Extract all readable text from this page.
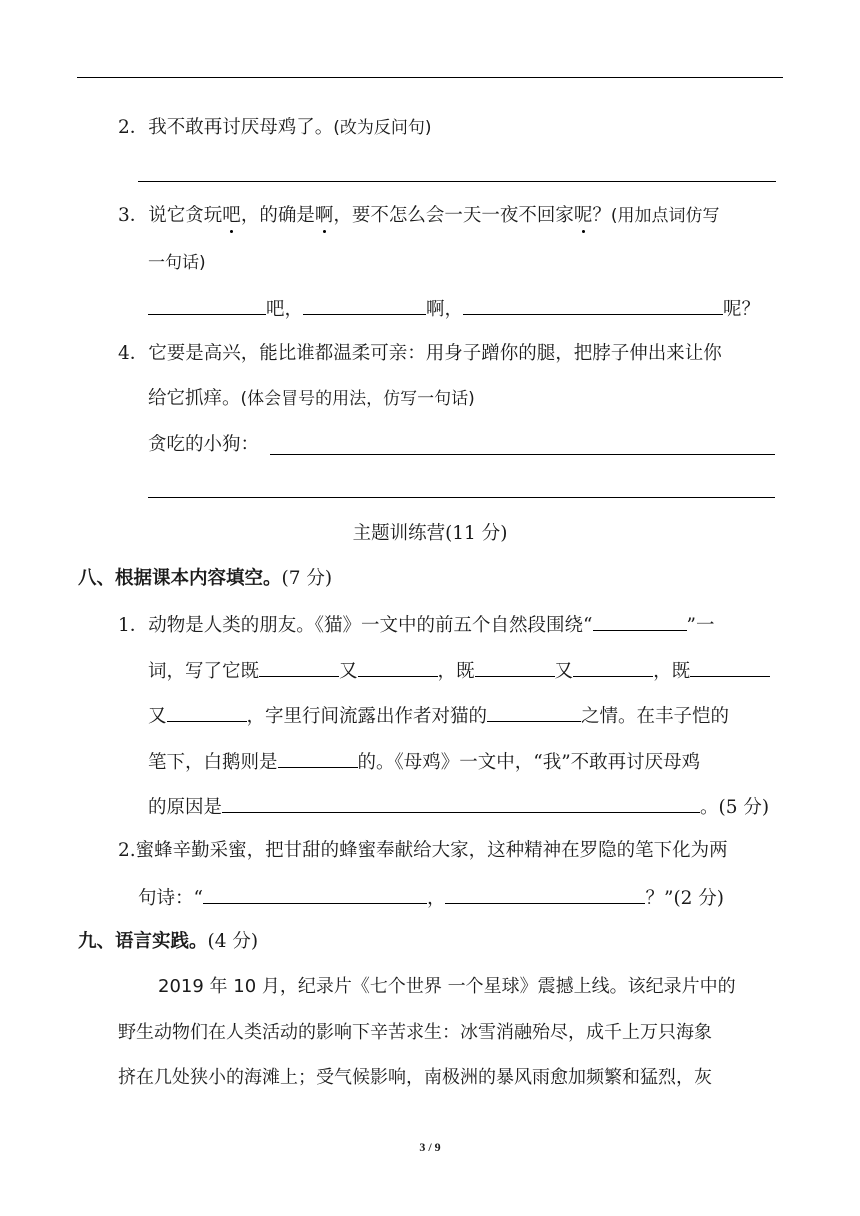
2．我不敢再讨厌母鸡了。(改为反问句)
3．说它贪玩吧，的确是啊，要不怎么会一天一夜不回家呢？(用加点词仿写
一句话)
吧，	啊，	呢？
4．它要是高兴，能比谁都温柔可亲：用身子蹭你的腿，把脖子伸出来让你
给它抓痒。(体会冒号的用法，仿写一句话)
贪吃的小狗：
主题训练营(11 分)
八、根据课本内容填空。(7 分)
1．动物是人类的朋友。《猫》一文中的前五个自然段围绕“	”一
词，写了它既	又	，既	又	，既
又	，字里行间流露出作者对猫的	之情。在丰子恺的
笔下，白鹅则是	的。《母鸡》一文中，“我”不敢再讨厌母鸡
的原因是	。(5 分)
2.蜜蜂辛勤采蜜，把甘甜的蜂蜜奉献给大家，这种精神在罗隐的笔下化为两
句诗：“	，	？”(2 分)
九、语言实践。(4 分)
2019 年 10 月，纪录片《七个世界 一个星球》震撼上线。该纪录片中的
野生动物们在人类活动的影响下辛苦求生：冰雪消融殆尽，成千上万只海象
挤在几处狭小的海滩上；受气候影响，南极洲的暴风雨愈加频繁和猛烈，灰
3 / 9
